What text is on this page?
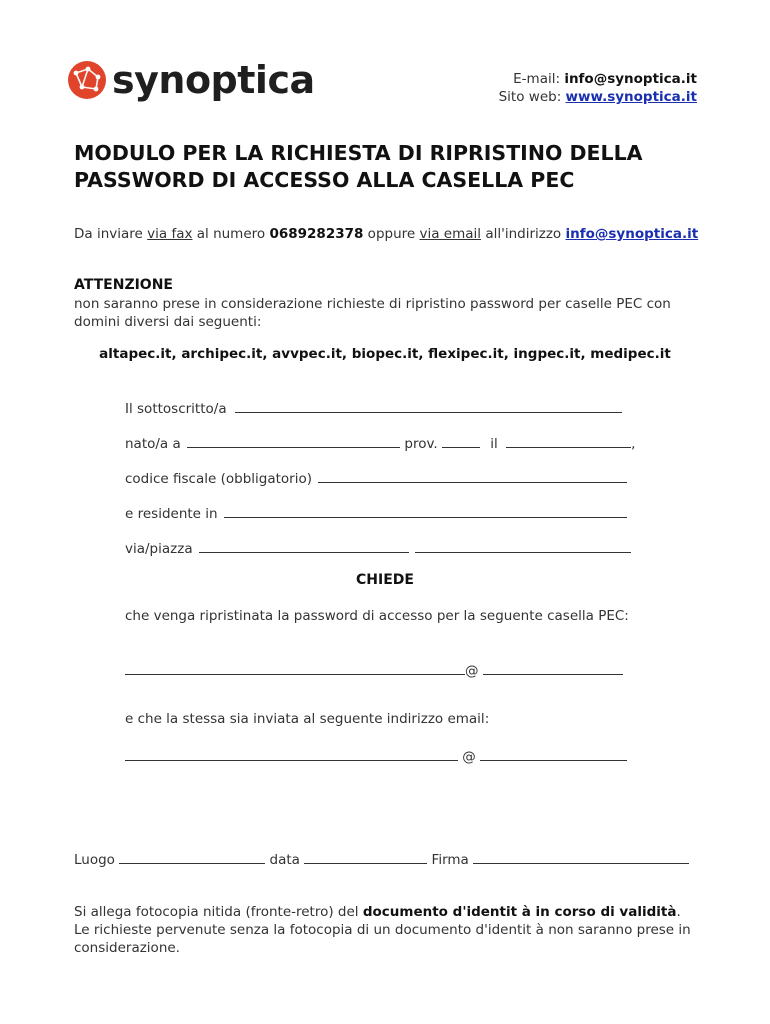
synoptica	E-mail: info@synoptica.it
Sito web: www.synoptica.it
MODULO PER LA RICHIESTA DI RIPRISTINO DELLA
PASSWORD DI ACCESSO ALLA CASELLA PEC
Da inviare via fax al numero 0689282378 oppure via email all'indirizzo info@synoptica.it
ATTENZIONE
non saranno prese in considerazione richieste di ripristino password per caselle PEC con domini diversi dai seguenti:
altapec.it, archipec.it, avvpec.it, biopec.it, flexipec.it, ingpec.it, medipec.it
Il sottoscritto/a
nato/a a	prov.	il	,
codice fiscale (obbligatorio)
e residente in
via/piazza
CHIEDE
che venga ripristinata la password di accesso per la seguente casella PEC:
@
e che la stessa sia inviata al seguente indirizzo email:
@
Luogo	data	Firma
Si allega fotocopia nitida (fronte-retro) del documento d'identit à in corso di validità.
Le richieste pervenute senza la fotocopia di un documento d'identit à non saranno prese in considerazione.
